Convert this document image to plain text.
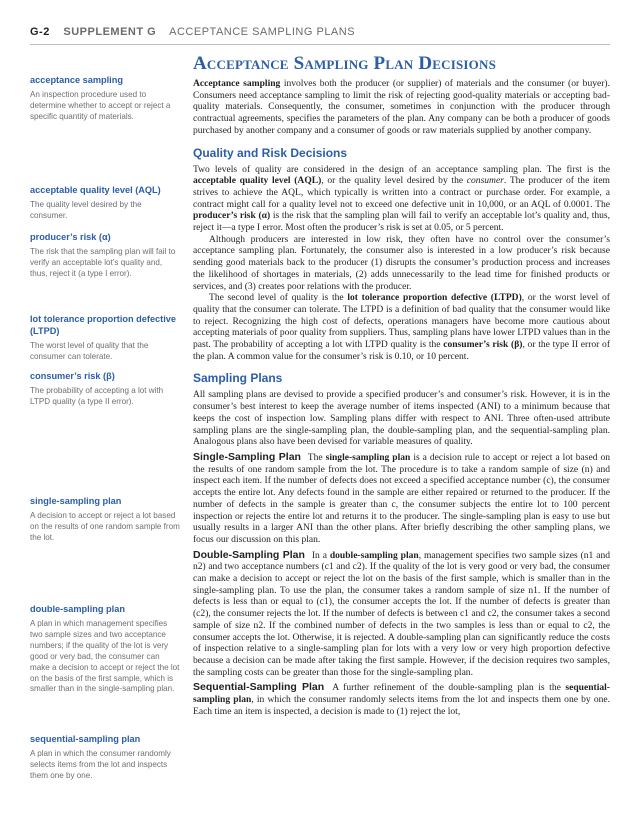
G-2 SUPPLEMENT G ACCEPTANCE SAMPLING PLANS
acceptance sampling
An inspection procedure used to determine whether to accept or reject a specific quantity of materials.
acceptable quality level (AQL)
The quality level desired by the consumer.
producer’s risk (α)
The risk that the sampling plan will fail to verify an acceptable lot’s quality and, thus, reject it (a type I error).
lot tolerance proportion defective (LTPD)
The worst level of quality that the consumer can tolerate.
consumer’s risk (β)
The probability of accepting a lot with LTPD quality (a type II error).
single-sampling plan
A decision to accept or reject a lot based on the results of one random sample from the lot.
double-sampling plan
A plan in which management specifies two sample sizes and two acceptance numbers; if the quality of the lot is very good or very bad, the consumer can make a decision to accept or reject the lot on the basis of the first sample, which is smaller than in the single-sampling plan.
sequential-sampling plan
A plan in which the consumer randomly selects items from the lot and inspects them one by one.
Acceptance Sampling Plan Decisions

Acceptance sampling involves both the producer (or supplier) of materials and the consumer (or buyer). Consumers need acceptance sampling to limit the risk of rejecting good-quality materials or accepting bad-quality materials. Consequently, the consumer, sometimes in conjunction with the producer through contractual agreements, specifies the parameters of the plan. Any company can be both a producer of goods purchased by another company and a consumer of goods or raw materials supplied by another company.

Quality and Risk Decisions

Two levels of quality are considered in the design of an acceptance sampling plan. The first is the acceptable quality level (AQL), or the quality level desired by the consumer. The producer of the item strives to achieve the AQL, which typically is written into a contract or purchase order. For example, a contract might call for a quality level not to exceed one defective unit in 10,000, or an AQL of 0.0001. The producer’s risk (α) is the risk that the sampling plan will fail to verify an acceptable lot’s quality and, thus, reject it—a type I error. Most often the producer’s risk is set at 0.05, or 5 percent.

Although producers are interested in low risk, they often have no control over the consumer’s acceptance sampling plan. Fortunately, the consumer also is interested in a low producer’s risk because sending good materials back to the producer (1) disrupts the consumer’s production process and increases the likelihood of shortages in materials, (2) adds unnecessarily to the lead time for finished products or services, and (3) creates poor relations with the producer.

The second level of quality is the lot tolerance proportion defective (LTPD), or the worst level of quality that the consumer can tolerate. The LTPD is a definition of bad quality that the consumer would like to reject. Recognizing the high cost of defects, operations managers have become more cautious about accepting materials of poor quality from suppliers. Thus, sampling plans have lower LTPD values than in the past. The probability of accepting a lot with LTPD quality is the consumer’s risk (β), or the type II error of the plan. A common value for the consumer’s risk is 0.10, or 10 percent.

Sampling Plans

All sampling plans are devised to provide a specified producer’s and consumer’s risk. However, it is in the consumer’s best interest to keep the average number of items inspected (ANI) to a minimum because that keeps the cost of inspection low. Sampling plans differ with respect to ANI. Three often-used attribute sampling plans are the single-sampling plan, the double-sampling plan, and the sequential-sampling plan. Analogous plans also have been devised for variable measures of quality.

Single-Sampling Plan The single-sampling plan is a decision rule to accept or reject a lot based on the results of one random sample from the lot. The procedure is to take a random sample of size (n) and inspect each item. If the number of defects does not exceed a specified acceptance number (c), the consumer accepts the entire lot. Any defects found in the sample are either repaired or returned to the producer. If the number of defects in the sample is greater than c, the consumer subjects the entire lot to 100 percent inspection or rejects the entire lot and returns it to the producer. The single-sampling plan is easy to use but usually results in a larger ANI than the other plans. After briefly describing the other sampling plans, we focus our discussion on this plan.

Double-Sampling Plan In a double-sampling plan, management specifies two sample sizes (n1 and n2) and two acceptance numbers (c1 and c2). If the quality of the lot is very good or very bad, the consumer can make a decision to accept or reject the lot on the basis of the first sample, which is smaller than in the single-sampling plan. To use the plan, the consumer takes a random sample of size n1. If the number of defects is less than or equal to (c1), the consumer accepts the lot. If the number of defects is greater than (c2), the consumer rejects the lot. If the number of defects is between c1 and c2, the consumer takes a second sample of size n2. If the combined number of defects in the two samples is less than or equal to c2, the consumer accepts the lot. Otherwise, it is rejected. A double-sampling plan can significantly reduce the costs of inspection relative to a single-sampling plan for lots with a very low or very high proportion defective because a decision can be made after taking the first sample. However, if the decision requires two samples, the sampling costs can be greater than those for the single-sampling plan.

Sequential-Sampling Plan A further refinement of the double-sampling plan is the sequential-sampling plan, in which the consumer randomly selects items from the lot and inspects them one by one. Each time an item is inspected, a decision is made to (1) reject the lot,
